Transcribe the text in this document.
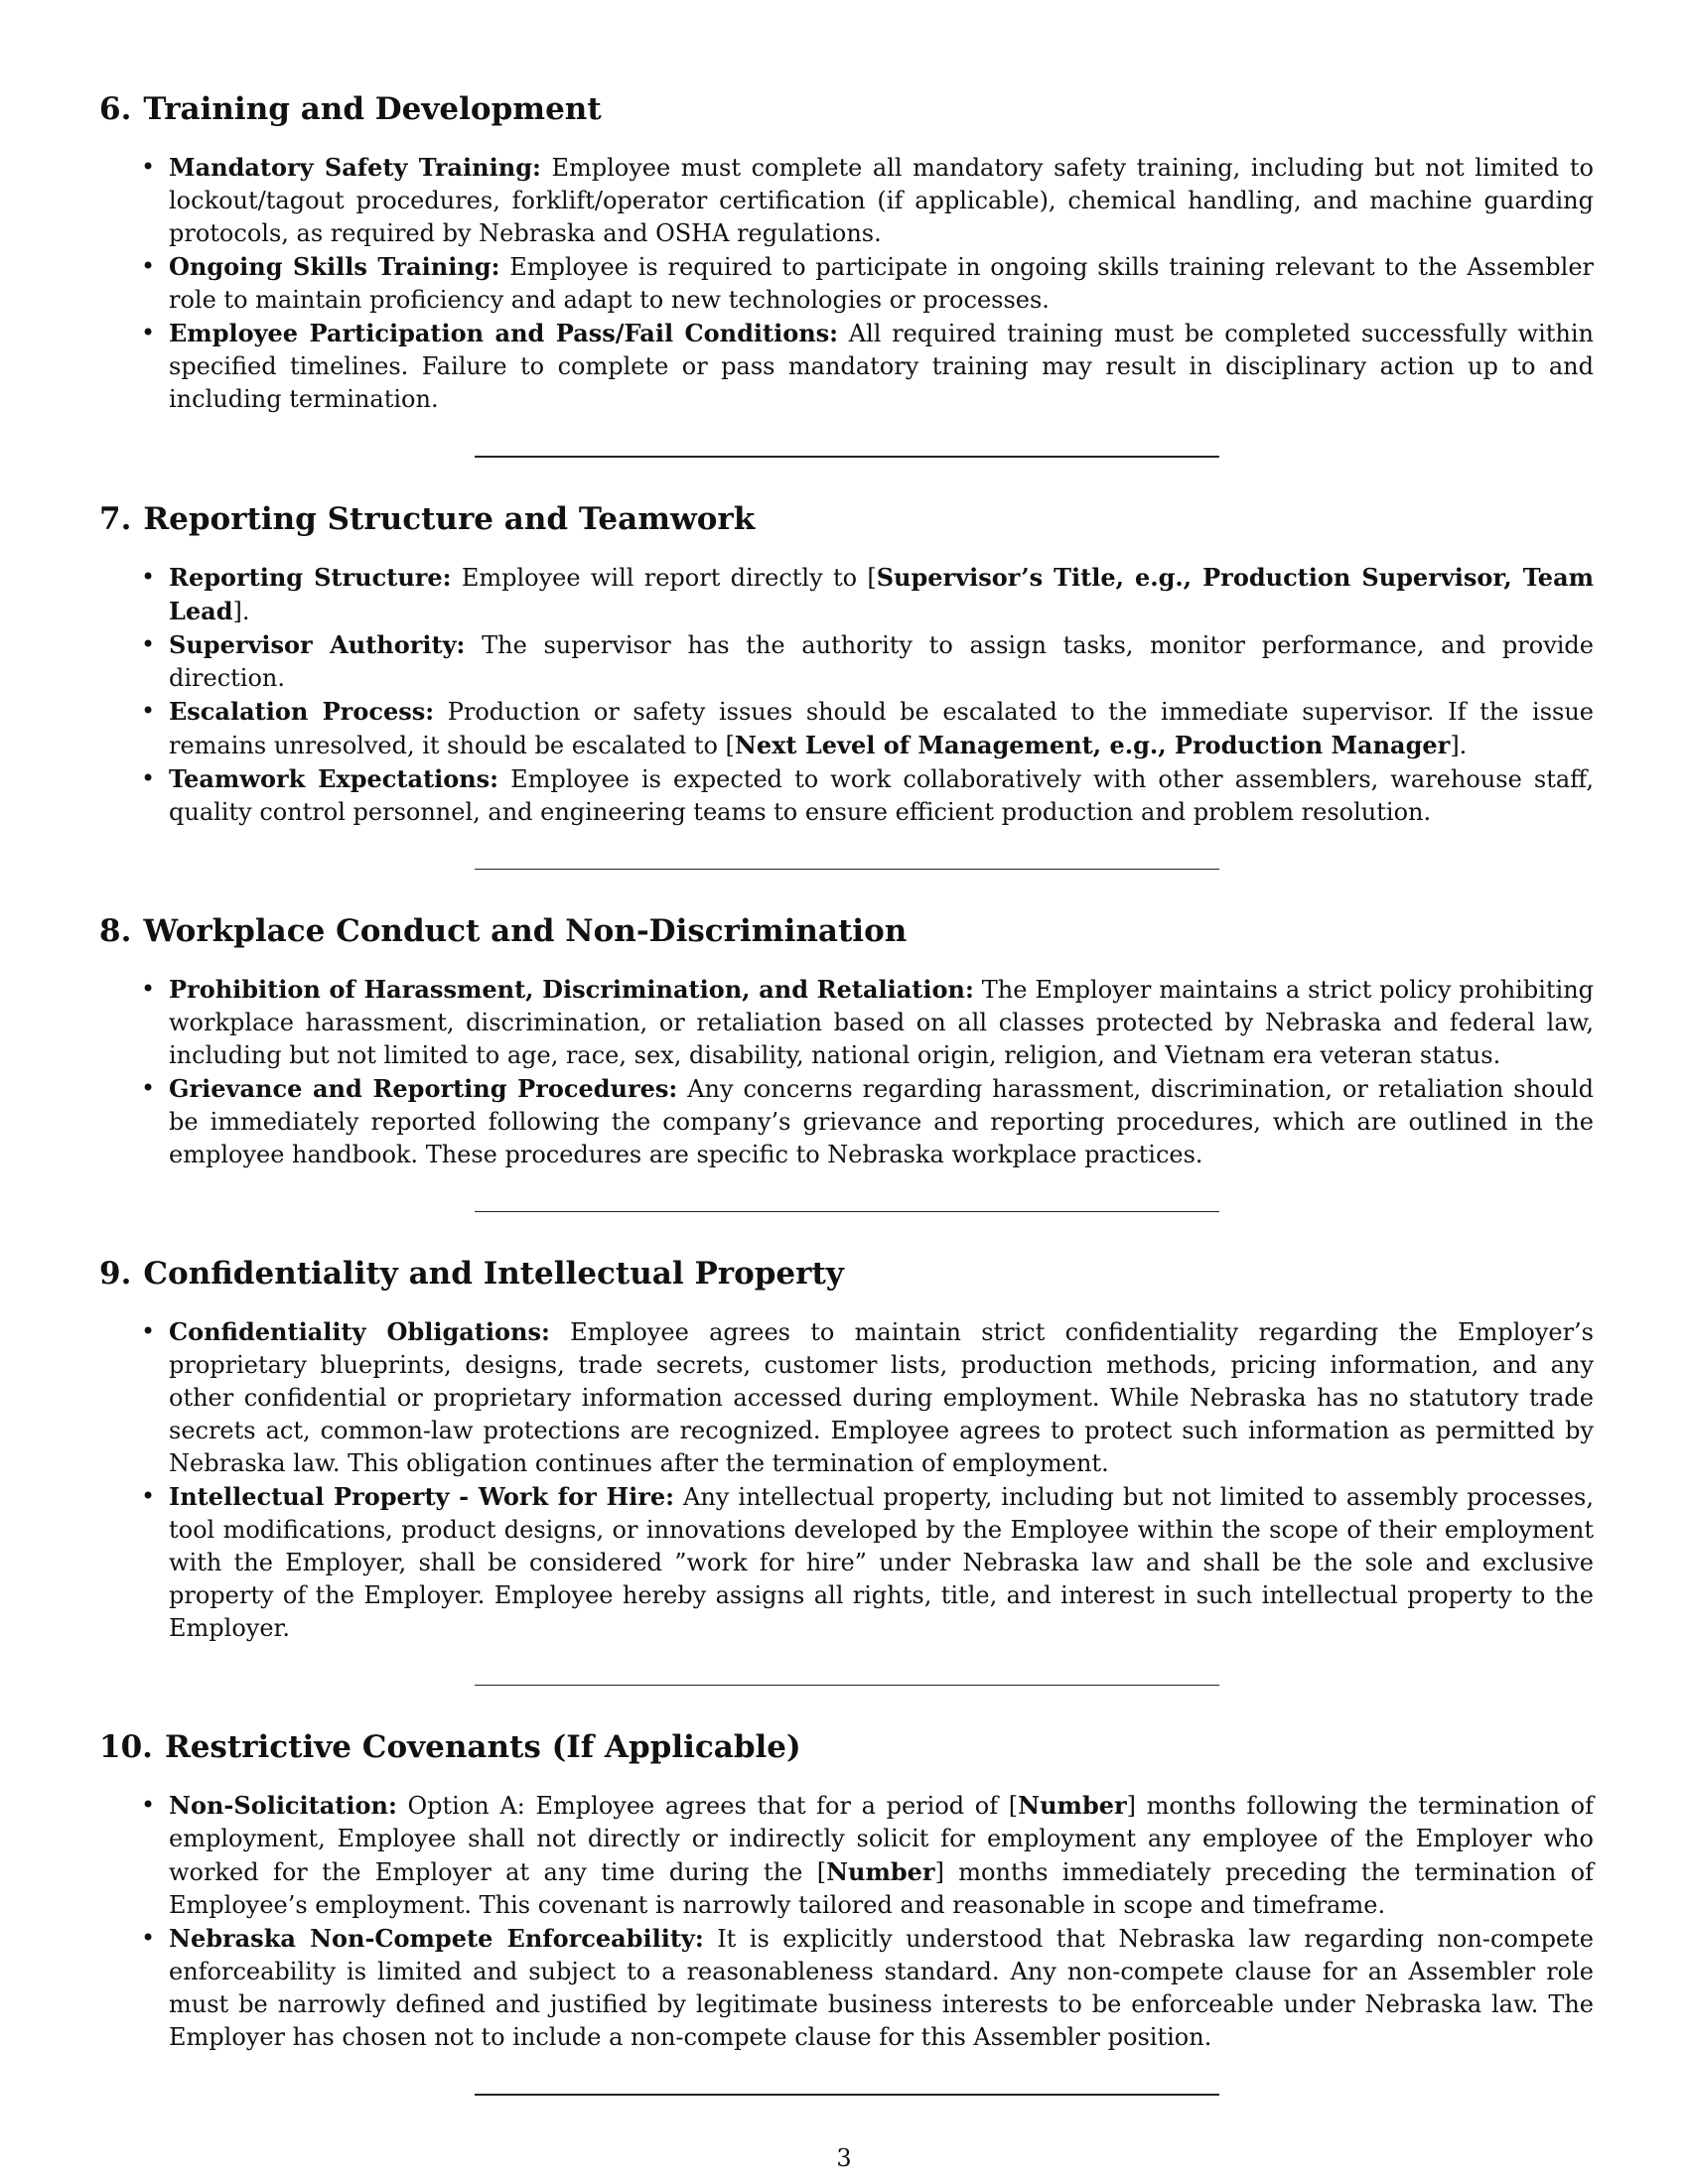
6. Training and Development
• Mandatory Safety Training: Employee must complete all mandatory safety training, including but not limited to lockout/tagout procedures, forklift/operator certification (if applicable), chemical handling, and machine guarding protocols, as required by Nebraska and OSHA regulations.
• Ongoing Skills Training: Employee is required to participate in ongoing skills training relevant to the Assembler role to maintain proficiency and adapt to new technologies or processes.
• Employee Participation and Pass/Fail Conditions: All required training must be completed successfully within specified timelines. Failure to complete or pass mandatory training may result in disciplinary action up to and including termination.
7. Reporting Structure and Teamwork
• Reporting Structure: Employee will report directly to [Supervisor’s Title, e.g., Production Supervisor, Team Lead].
• Supervisor Authority: The supervisor has the authority to assign tasks, monitor performance, and provide direction.
• Escalation Process: Production or safety issues should be escalated to the immediate supervisor. If the issue remains unresolved, it should be escalated to [Next Level of Management, e.g., Production Manager].
• Teamwork Expectations: Employee is expected to work collaboratively with other assemblers, warehouse staff, quality control personnel, and engineering teams to ensure efficient production and problem resolution.
8. Workplace Conduct and Non-Discrimination
• Prohibition of Harassment, Discrimination, and Retaliation: The Employer maintains a strict policy prohibiting workplace harassment, discrimination, or retaliation based on all classes protected by Nebraska and federal law, including but not limited to age, race, sex, disability, national origin, religion, and Vietnam era veteran status.
• Grievance and Reporting Procedures: Any concerns regarding harassment, discrimination, or retaliation should be immediately reported following the company’s grievance and reporting procedures, which are outlined in the employee handbook. These procedures are specific to Nebraska workplace practices.
9. Confidentiality and Intellectual Property
• Confidentiality Obligations: Employee agrees to maintain strict confidentiality regarding the Employer’s proprietary blueprints, designs, trade secrets, customer lists, production methods, pricing information, and any other confidential or proprietary information accessed during employment. While Nebraska has no statutory trade secrets act, common-law protections are recognized. Employee agrees to protect such information as permitted by Nebraska law. This obligation continues after the termination of employment.
• Intellectual Property - Work for Hire: Any intellectual property, including but not limited to assembly processes, tool modifications, product designs, or innovations developed by the Employee within the scope of their employment with the Employer, shall be considered ”work for hire” under Nebraska law and shall be the sole and exclusive property of the Employer. Employee hereby assigns all rights, title, and interest in such intellectual property to the Employer.
10. Restrictive Covenants (If Applicable)
• Non-Solicitation: Option A: Employee agrees that for a period of [Number] months following the termination of employment, Employee shall not directly or indirectly solicit for employment any employee of the Employer who worked for the Employer at any time during the [Number] months immediately preceding the termination of Employee’s employment. This covenant is narrowly tailored and reasonable in scope and timeframe.
• Nebraska Non-Compete Enforceability: It is explicitly understood that Nebraska law regarding non-compete enforceability is limited and subject to a reasonableness standard. Any non-compete clause for an Assembler role must be narrowly defined and justified by legitimate business interests to be enforceable under Nebraska law. The Employer has chosen not to include a non-compete clause for this Assembler position.
3
